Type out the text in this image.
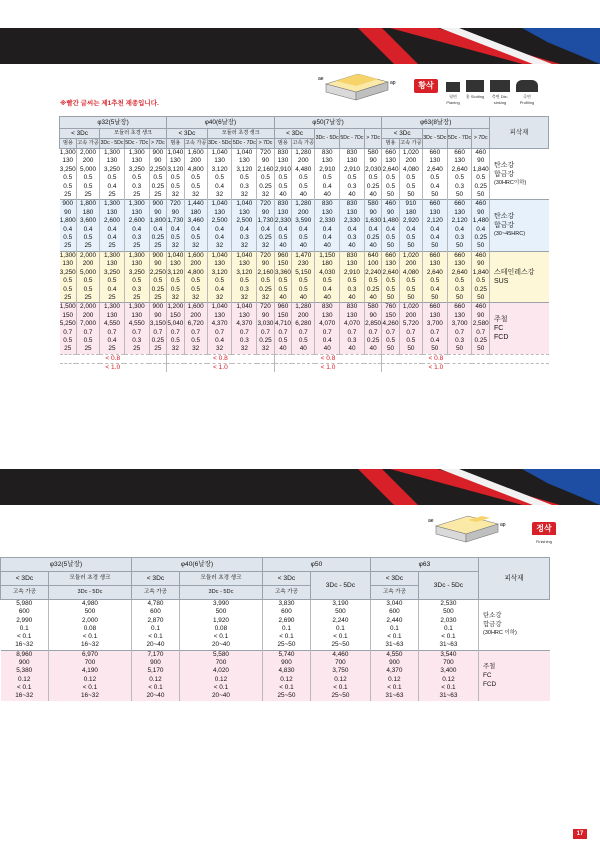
ap
ae
황삭
평면 Planing
홈 Slotting	측면 Die-sinking
곡면 Profiling
※빨간 글씨는 제1추천 재종입니다.
φ32(5날장)					φ40(6날장)					φ50(7날장)					φ63(8날장)					피삭재
< 3Dc		모듈러 초경 섕크			< 3Dc		모듈러 초경 섕크			< 3Dc		3Dc - 5Dc	5Dc - 7Dc	> 7Dc	< 3Dc		3Dc - 5Dc	5Dc - 7Dc	> 7Dc	
범용	고속 가공	3Dc - 5Dc	5Dc - 7Dc	> 7Dc	범용	고속 가공	3Dc - 5Dc	5Dc - 7Dc	> 7Dc	범용	고속 가공				범용	고속 가공				
1,300	2,000	1,300	1,300	900	1,040	1,600	1,040	1,040	720	830	1,280	830	830	580	660	1,020	660	660	460	탄소강
합금강
(30HRC이하)

130	200	130	130	90	130	200	130	130	90	130	200	130	130	90	130	200	130	130	90	
3,250	5,000	3,250	3,250	2,250	3,120	4,800	3,120	3,120	2,160	2,910	4,480	2,910	2,910	2,030	2,640	4,080	2,640	2,640	1,840	
0.5	0.5	0.5	0.5	0.5	0.5	0.5	0.5	0.5	0.5	0.5	0.5	0.5	0.5	0.5	0.5	0.5	0.5	0.5	0.5	
0.5	0.5	0.4	0.3	0.25	0.5	0.5	0.4	0.3	0.25	0.5	0.5	0.4	0.3	0.25	0.5	0.5	0.4	0.3	0.25	
25	25	25	25	25	32	32	32	32	32	40	40	40	40	40	50	50	50	50	50	
900	1,800	1,300	1,300	900	720	1,440	1,040	1,040	720	830	1,280	830	830	580	460	910	660	660	460	탄소강
합금강
(30~45HRC)

90	180	130	130	90	90	180	130	130	90	130	200	130	130	90	90	180	130	130	90	
1,800	3,600	2,600	2,600	1,800	1,730	3,460	2,500	2,500	1,730	2,330	3,590	2,330	2,330	1,630	1,480	2,920	2,120	2,120	1,480	
0.4	0.4	0.4	0.4	0.4	0.4	0.4	0.4	0.4	0.4	0.4	0.4	0.4	0.4	0.4	0.4	0.4	0.4	0.4	0.4	
0.5	0.5	0.4	0.3	0.25	0.5	0.5	0.4	0.3	0.25	0.5	0.5	0.4	0.3	0.25	0.5	0.5	0.4	0.3	0.25	
25	25	25	25	25	32	32	32	32	32	40	40	40	40	40	50	50	50	50	50	
1,300	2,000	1,300	1,300	900	1,040	1,600	1,040	1,040	720	960	1,470	1,150	830	640	660	1,020	660	660	460	스테인레스강
SUS

130	200	130	130	90	130	200	130	130	90	150	230	180	130	100	130	200	130	130	90	
3,250	5,000	3,250	3,250	2,250	3,120	4,800	3,120	3,120	2,160	3,360	5,150	4,030	2,910	2,240	2,640	4,080	2,640	2,640	1,840	
0.5	0.5	0.5	0.5	0.5	0.5	0.5	0.5	0.5	0.5	0.5	0.5	0.5	0.5	0.5	0.5	0.5	0.5	0.5	0.5	
0.5	0.5	0.4	0.3	0.25	0.5	0.5	0.4	0.3	0.25	0.5	0.5	0.4	0.3	0.25	0.5	0.5	0.4	0.3	0.25	
25	25	25	25	25	32	32	32	32	32	40	40	40	40	40	50	50	50	50	50	
1,500	2,000	1,300	1,300	900	1,200	1,600	1,040	1,040	720	960	1,280	830	830	580	760	1,020	660	660	460	주철
FC
FCD

150	200	130	130	90	150	200	130	130	90	150	200	130	130	90	150	200	130	130	90	
5,250	7,000	4,550	4,550	3,150	5,040	6,720	4,370	4,370	3,030	4,710	6,280	4,070	4,070	2,850	4,260	5,720	3,700	3,700	2,580	
0.7	0.7	0.7	0.7	0.7	0.7	0.7	0.7	0.7	0.7	0.7	0.7	0.7	0.7	0.7	0.7	0.7	0.7	0.7	0.7	
0.5	0.5	0.4	0.3	0.25	0.5	0.5	0.4	0.3	0.25	0.5	0.5	0.4	0.3	0.25	0.5	0.5	0.4	0.3	0.25	
25	25	25	25	25	32	32	32	32	32	40	40	40	40	40	50	50	50	50	50	
< 0.8					< 0.8					< 0.8					< 0.8					
< 1.0					< 1.0					< 1.0					< 1.0					
ap
ae
정삭
Finishing
φ32(5날장)		φ40(6날장)		φ50		φ63		피삭재
< 3Dc	모듈러 초경 섕크	< 3Dc	모듈러 초경 섕크	< 3Dc	3Dc - 5Dc	< 3Dc	3Dc - 5Dc	
고속 가공	3Dc - 5Dc	고속 가공	3Dc - 5Dc	고속 가공		고속 가공		
5,980	4,980	4,780	3,990	3,830	3,190	3,040	2,530	탄소강
합금강
(30HRC 이하)

600	500	600	500	600	500	600	500	
2,990	2,000	2,870	1,920	2,690	2,240	2,440	2,030	
0.1	0.08	0.1	0.08	0.1	0.1	0.1	0.1	
< 0.1	< 0.1	< 0.1	< 0.1	< 0.1	< 0.1	< 0.1	< 0.1	
16~32	16~32	20~40	20~40	25~50	25~50	31~63	31~63	
8,960	6,970	7,170	5,580	5,740	4,460	4,550	3,540	주철
FC
FCD

900	700	900	700	900	700	900	700	
5,380	4,190	5,170	4,020	4,830	3,750	4,370	3,400	
0.12	0.12	0.12	0.12	0.12	0.12	0.12	0.12	
< 0.1	< 0.1	< 0.1	< 0.1	< 0.1	< 0.1	< 0.1	< 0.1	
16~32	16~32	20~40	20~40	25~50	25~50	31~63	31~63	
17
